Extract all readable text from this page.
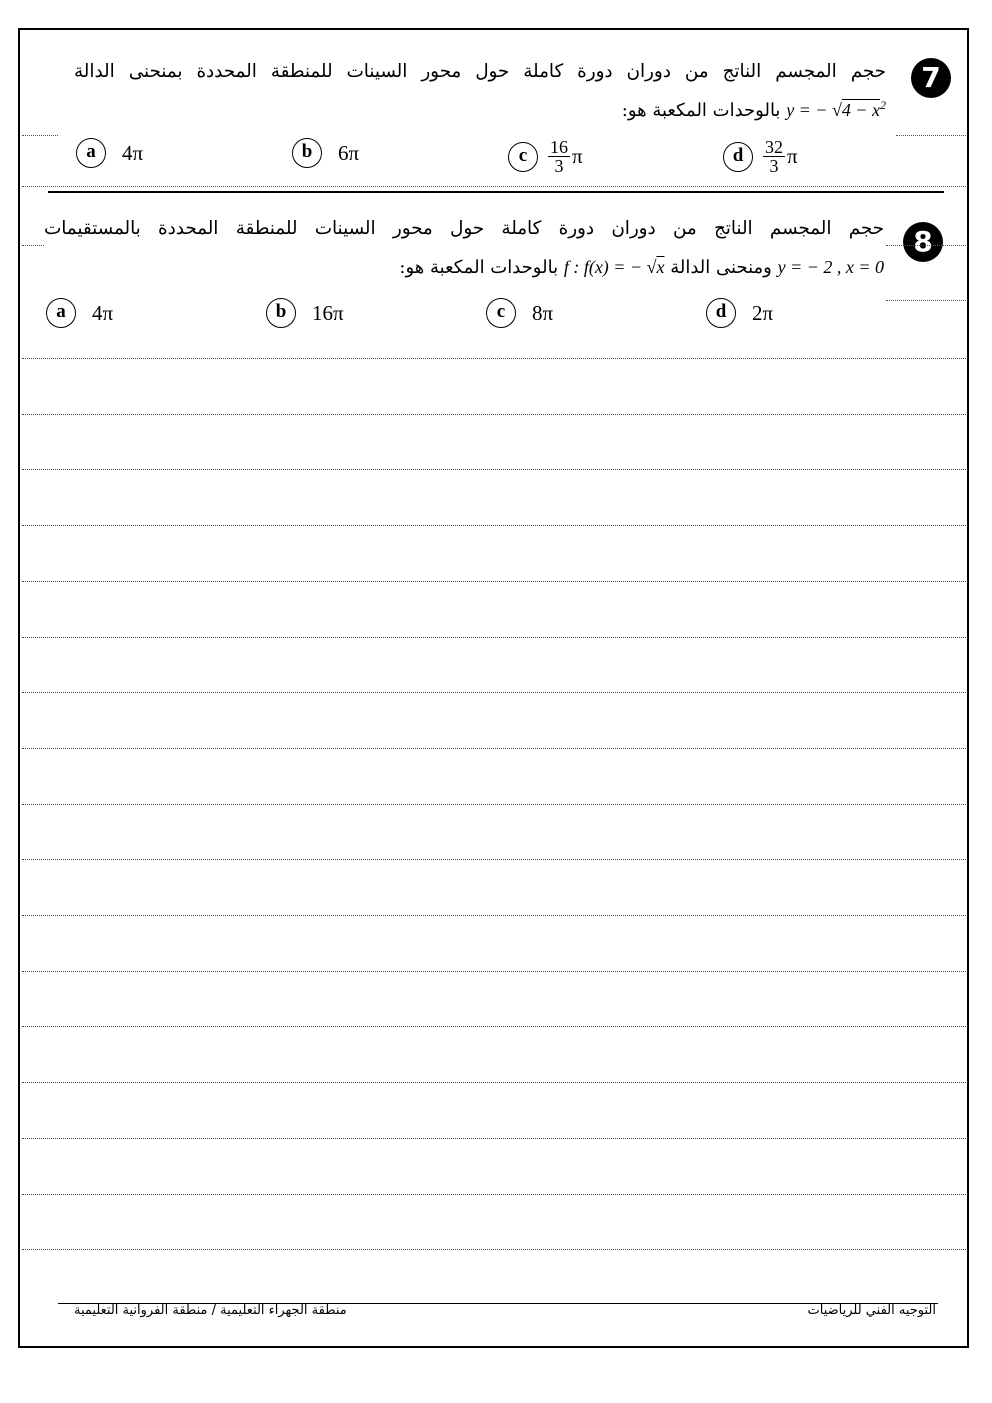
7
حجم المجسم الناتج من دوران دورة كاملة حول محور السينات للمنطقة المحددة بمنحنى الدالة
y = − $√4 - x^2$ بالوحدات المكعبة هو:
a	4π	b	6π	c	$\frac{16}{3}$ π	d	$\frac{32}{3}$ π
8
حجم المجسم الناتج من دوران دورة كاملة حول محور السينات للمنطقة المحددة بالمستقيمات
y = − 2 , x = 0 ومنحنى الدالة f : f(x) = − √x بالوحدات المكعبة هو:
a	4π	b	16π	c	8π	d	2π
التوجيه الفني للرياضيات
منطقة الجهراء التعليمية / منطقة الفروانية التعليمية
